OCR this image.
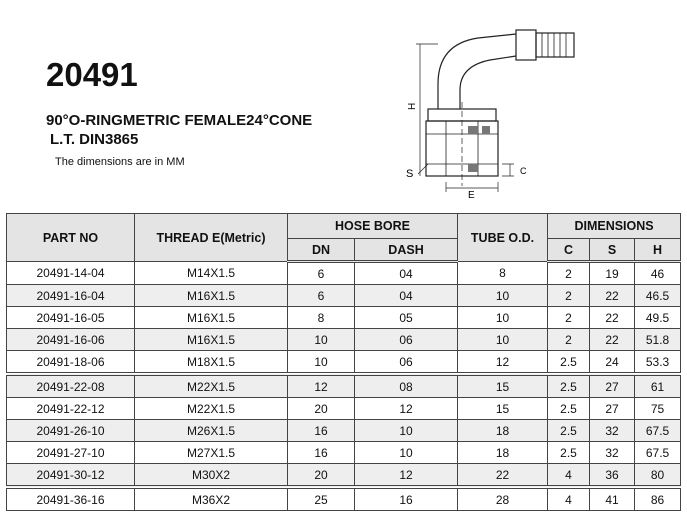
20491
90°O-RINGMETRIC FEMALE24°CONE
L.T. DIN3865
The dimensions are in MM
H
S
E
C
PART NO	THREAD E(Metric)	HOSE BORE		TUBE O.D.	DIMENSIONS		
		DN	DASH		C	S	H
20491-14-04	M14X1.5	6	04	8	2	19	46
20491-16-04	M16X1.5	6	04	10	2	22	46.5
20491-16-05	M16X1.5	8	05	10	2	22	49.5
20491-16-06	M16X1.5	10	06	10	2	22	51.8
20491-18-06	M18X1.5	10	06	12	2.5	24	53.3
20491-22-08	M22X1.5	12	08	15	2.5	27	61
20491-22-12	M22X1.5	20	12	15	2.5	27	75
20491-26-10	M26X1.5	16	10	18	2.5	32	67.5
20491-27-10	M27X1.5	16	10	18	2.5	32	67.5
20491-30-12	M30X2	20	12	22	4	36	80
20491-36-16	M36X2	25	16	28	4	41	86
